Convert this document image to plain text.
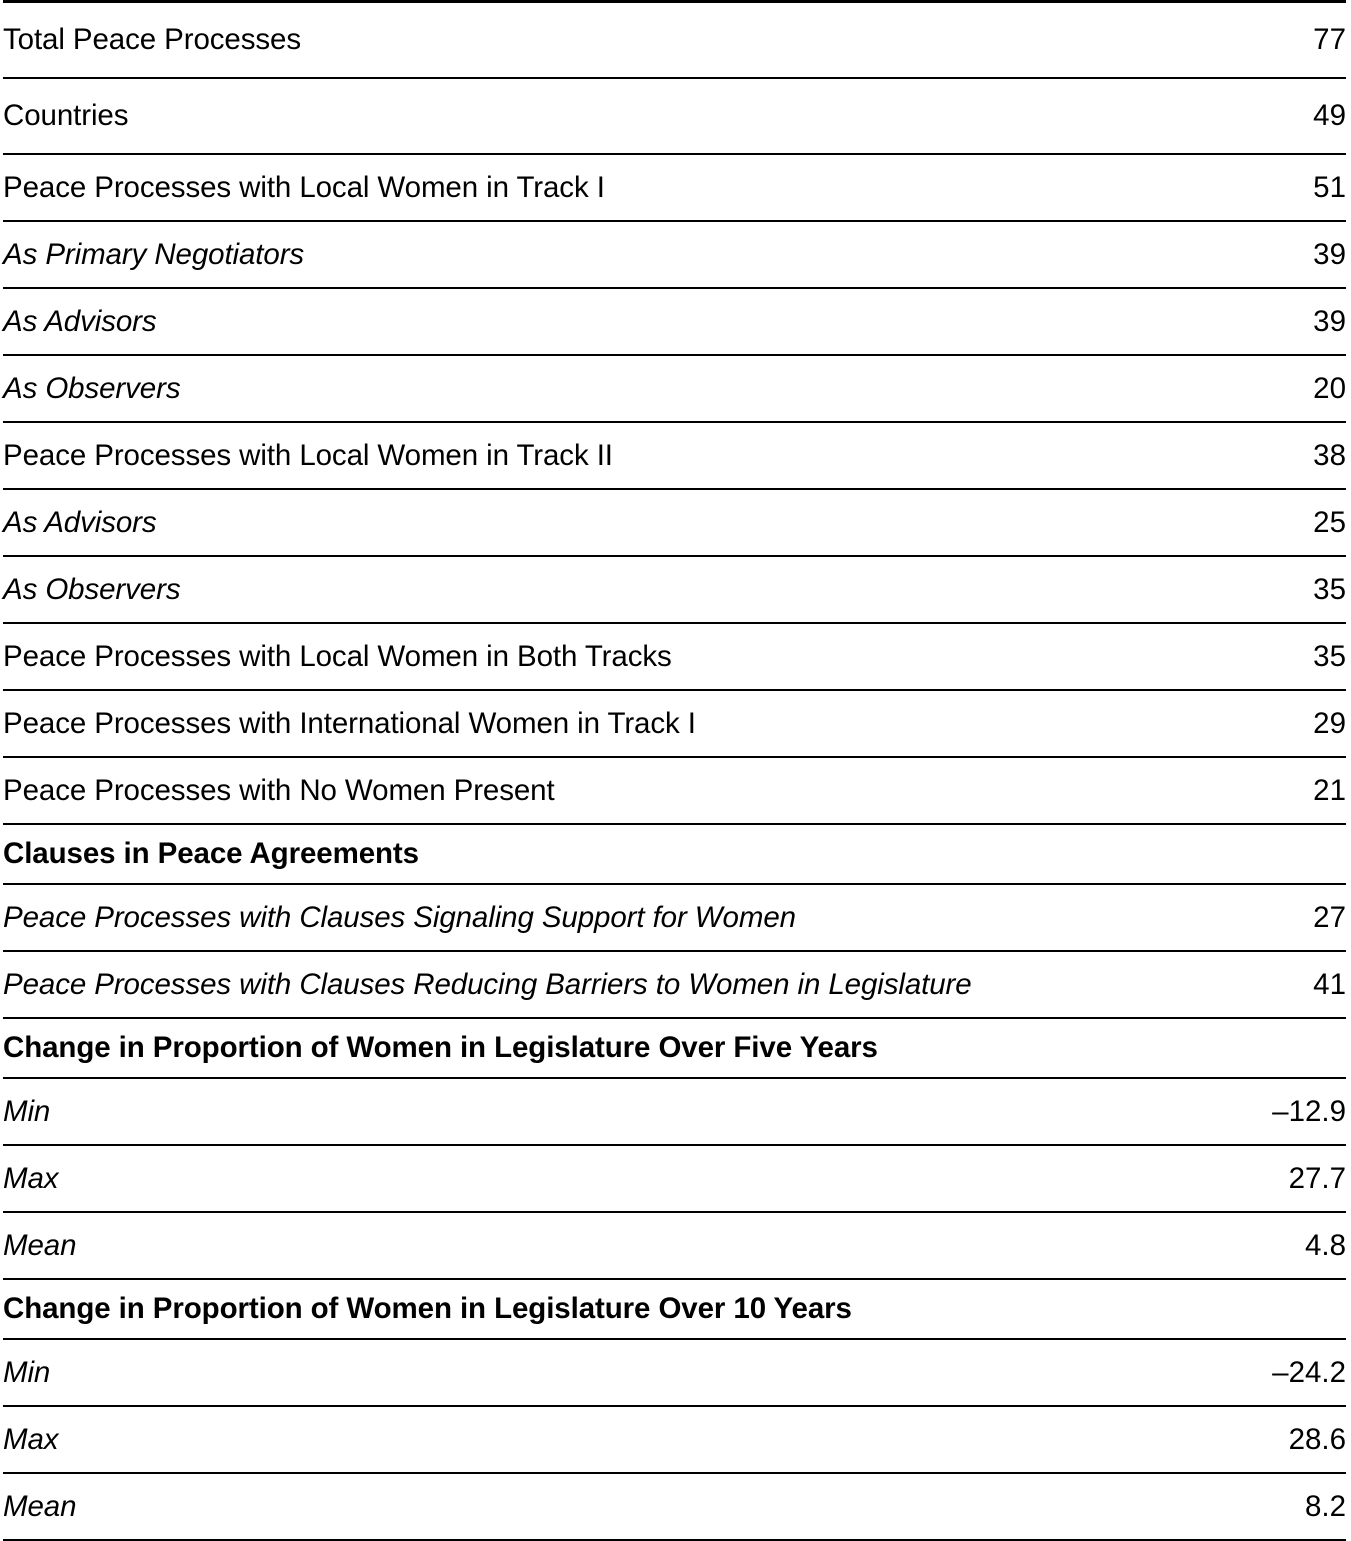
Total Peace Processes	77
Countries	49
Peace Processes with Local Women in Track I	51
As Primary Negotiators	39
As Advisors	39
As Observers	20
Peace Processes with Local Women in Track II	38
As Advisors	25
As Observers	35
Peace Processes with Local Women in Both Tracks	35
Peace Processes with International Women in Track I	29
Peace Processes with No Women Present	21
Clauses in Peace Agreements	
Peace Processes with Clauses Signaling Support for Women	27
Peace Processes with Clauses Reducing Barriers to Women in Legislature	41
Change in Proportion of Women in Legislature Over Five Years	
Min	–12.9
Max	27.7
Mean	4.8
Change in Proportion of Women in Legislature Over 10 Years	
Min	–24.2
Max	28.6
Mean	8.2
